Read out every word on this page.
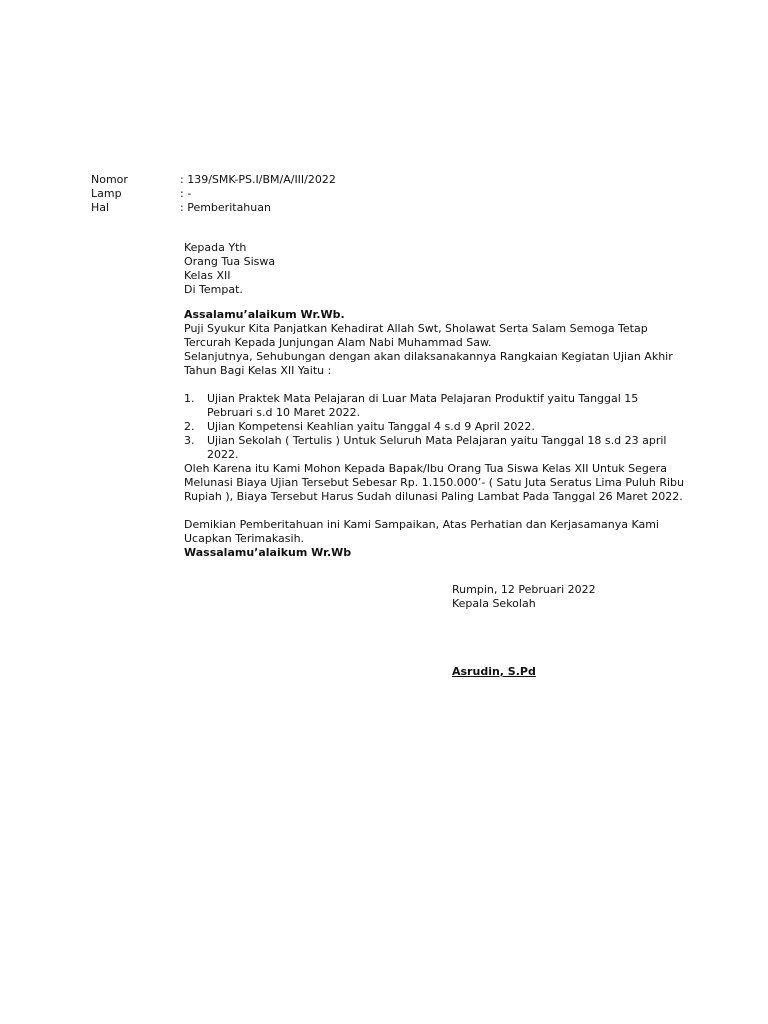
Nomor	: 139/SMK-PS.I/BM/A/III/2022
Lamp	: -
Hal	: Pemberitahuan
Kepada Yth
Orang Tua Siswa
Kelas XII
Di Tempat.

Assalamu’alaikum Wr.Wb.

Puji Syukur Kita Panjatkan Kehadirat Allah Swt, Sholawat Serta Salam Semoga Tetap Tercurah Kepada Junjungan Alam Nabi Muhammad Saw.

Selanjutnya, Sehubungan dengan akan dilaksanakannya Rangkaian Kegiatan Ujian Akhir Tahun Bagi Kelas XII Yaitu :

1.	Ujian Praktek Mata Pelajaran di Luar Mata Pelajaran Produktif yaitu Tanggal 15 Pebruari s.d 10 Maret 2022.
2.	Ujian Kompetensi Keahlian yaitu Tanggal 4 s.d 9 April 2022.
3.	Ujian Sekolah ( Tertulis ) Untuk Seluruh Mata Pelajaran yaitu Tanggal 18 s.d 23 april 2022.

Oleh Karena itu Kami Mohon Kepada Bapak/Ibu Orang Tua Siswa Kelas XII Untuk Segera Melunasi Biaya Ujian Tersebut Sebesar Rp. 1.150.000’- ( Satu Juta Seratus Lima Puluh Ribu Rupiah ), Biaya Tersebut Harus Sudah dilunasi Paling Lambat Pada Tanggal 26 Maret 2022.

Demikian Pemberitahuan ini Kami Sampaikan, Atas Perhatian dan Kerjasamanya Kami Ucapkan Terimakasih.

Wassalamu’alaikum Wr.Wb

Rumpin, 12 Pebruari 2022
Kepala Sekolah
Asrudin, S.Pd
